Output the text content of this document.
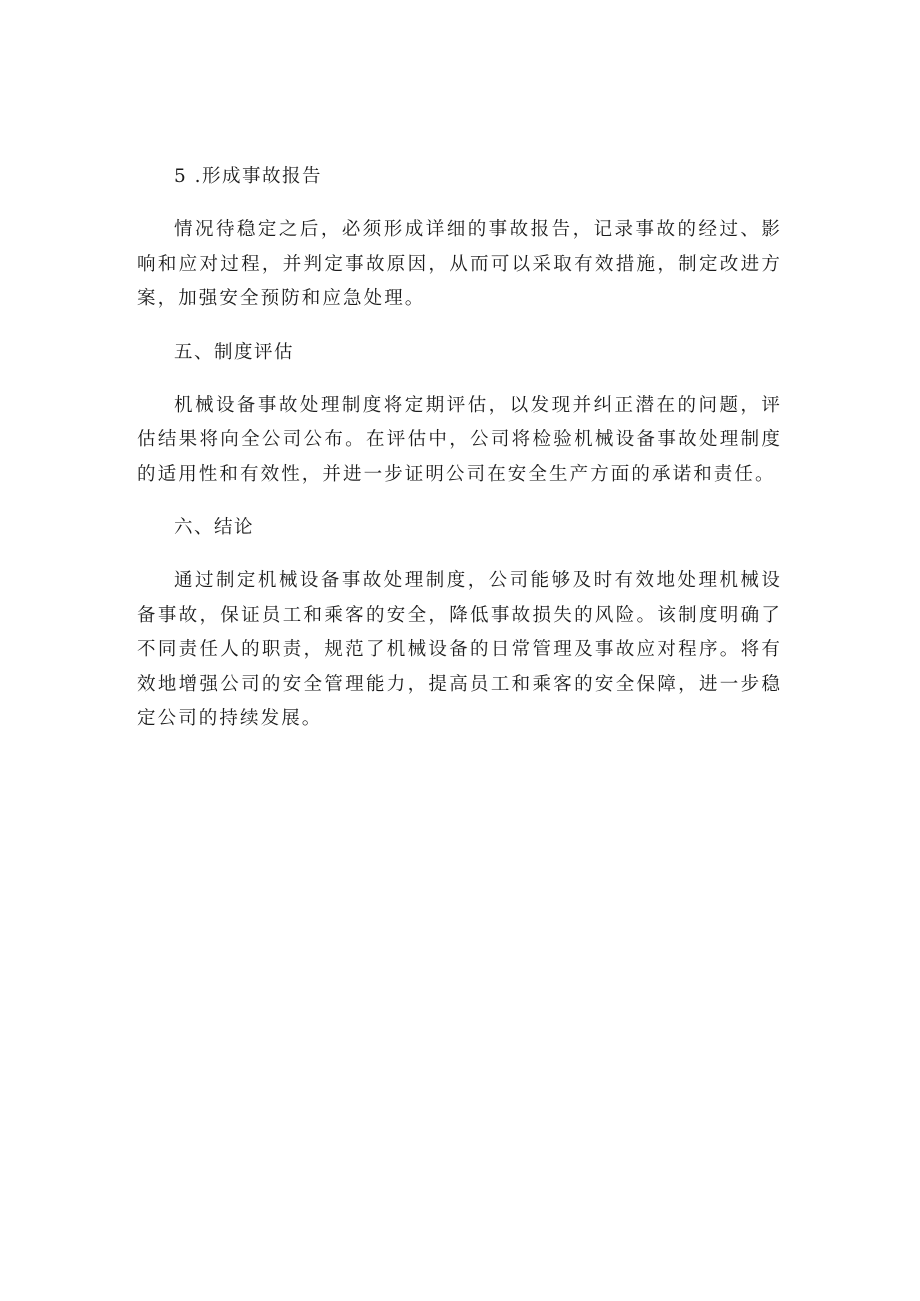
5 .形成事故报告

情况待稳定之后，必须形成详细的事故报告，记录事故的经过、影响和应对过程，并判定事故原因，从而可以采取有效措施，制定改进方案，加强安全预防和应急处理。

五、制度评估

机械设备事故处理制度将定期评估，以发现并纠正潜在的问题，评估结果将向全公司公布。在评估中，公司将检验机械设备事故处理制度的适用性和有效性，并进一步证明公司在安全生产方面的承诺和责任。

六、结论

通过制定机械设备事故处理制度，公司能够及时有效地处理机械设备事故，保证员工和乘客的安全，降低事故损失的风险。该制度明确了不同责任人的职责，规范了机械设备的日常管理及事故应对程序。将有效地增强公司的安全管理能力，提高员工和乘客的安全保障，进一步稳定公司的持续发展。
